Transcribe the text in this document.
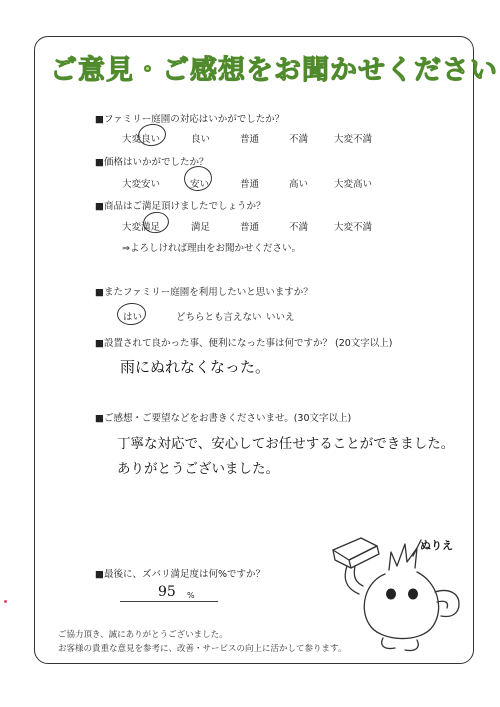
ご意見・ご感想をお聞かせください
■ファミリー庭園の対応はいかがでしたか？
大変良い	良い	普通	不満	大変不満
■価格はいかがでしたか？
大変安い	安い	普通	高い	大変高い
■商品はご満足頂けましたでしょうか？
大変満足	満足	普通	不満	大変不満
⇒よろしければ理由をお聞かせください。
■またファミリー庭園を利用したいと思いますか？
はい	どちらとも言えない いいえ
■設置されて良かった事、便利になった事は何ですか？ (20文字以上)
雨にぬれなくなった。
■ご感想・ご要望などをお書きくださいませ。(30文字以上)
丁寧な対応で、安心してお任せすることができました。
ありがとうございました。
■最後に、ズバリ満足度は何%ですか？
95 %
ご協力頂き、誠にありがとうございました。
お客様の貴重な意見を参考に、改善・サービスの向上に活かして参ります。
ぬりえ
